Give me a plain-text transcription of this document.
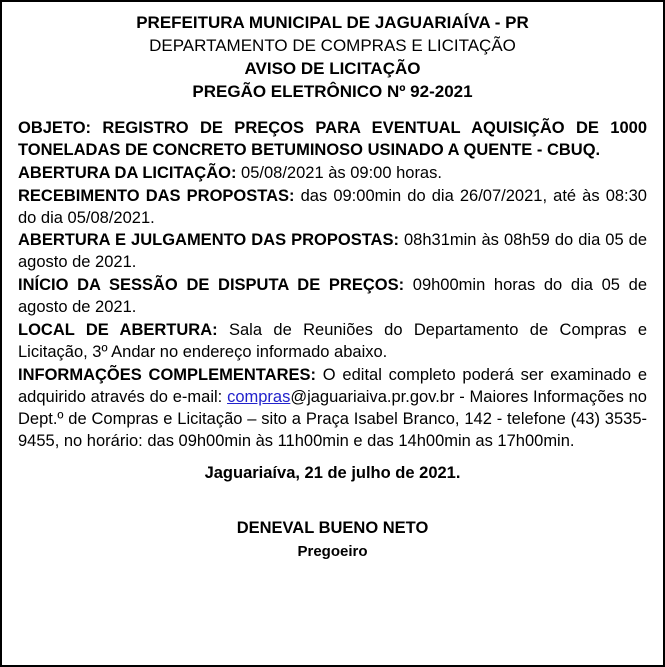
PREFEITURA MUNICIPAL DE JAGUARIAÍVA - PR
DEPARTAMENTO DE COMPRAS E LICITAÇÃO
AVISO DE LICITAÇÃO
PREGÃO ELETRÔNICO Nº 92-2021

OBJETO: REGISTRO DE PREÇOS PARA EVENTUAL AQUISIÇÃO DE 1000 TONELADAS DE CONCRETO BETUMINOSO USINADO A QUENTE - CBUQ.

ABERTURA DA LICITAÇÃO: 05/08/2021 às 09:00 horas.

RECEBIMENTO DAS PROPOSTAS: das 09:00min do dia 26/07/2021, até às 08:30 do dia 05/08/2021.

ABERTURA E JULGAMENTO DAS PROPOSTAS: 08h31min às 08h59 do dia 05 de agosto de 2021.

INÍCIO DA SESSÃO DE DISPUTA DE PREÇOS: 09h00min horas do dia 05 de agosto de 2021.

LOCAL DE ABERTURA: Sala de Reuniões do Departamento de Compras e Licitação, 3º Andar no endereço informado abaixo.

INFORMAÇÕES COMPLEMENTARES: O edital completo poderá ser examinado e adquirido através do e-mail: compras@jaguariaiva.pr.gov.br - Maiores Informações no Dept.º de Compras e Licitação – sito a Praça Isabel Branco, 142 - telefone (43) 3535-9455, no horário: das 09h00min às 11h00min e das 14h00min as 17h00min.

Jaguariaíva, 21 de julho de 2021.
DENEVAL BUENO NETO
Pregoeiro
